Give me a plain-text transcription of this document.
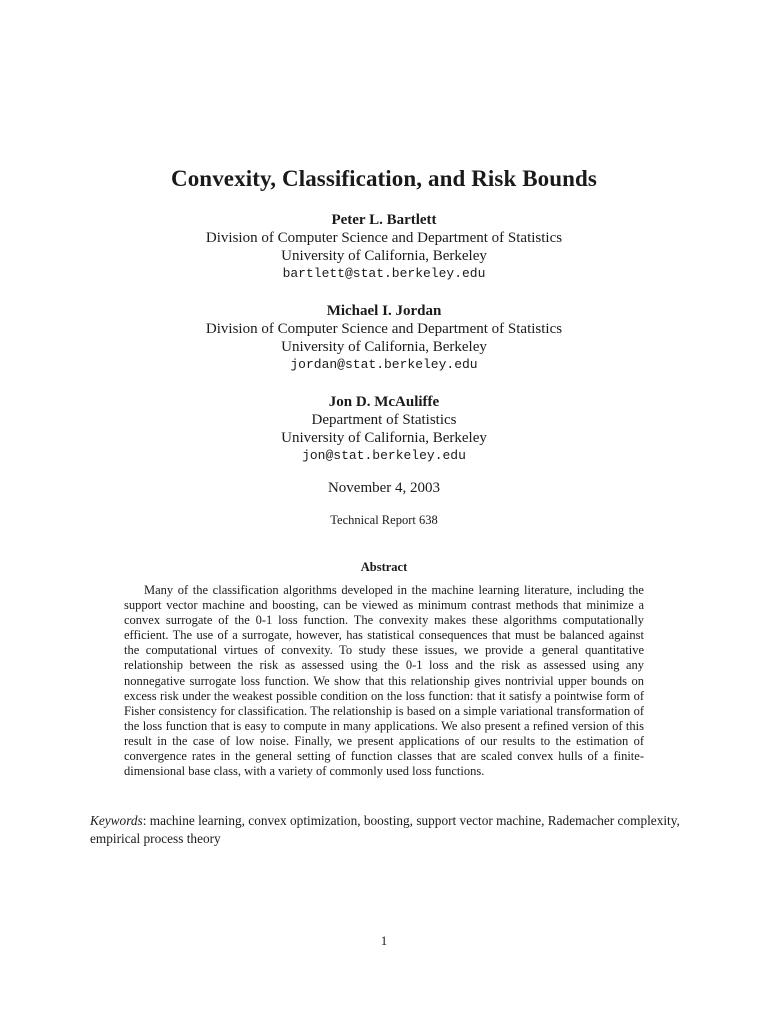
Convexity, Classification, and Risk Bounds
Peter L. Bartlett
Division of Computer Science and Department of Statistics
University of California, Berkeley
bartlett@stat.berkeley.edu
Michael I. Jordan
Division of Computer Science and Department of Statistics
University of California, Berkeley
jordan@stat.berkeley.edu
Jon D. McAuliffe
Department of Statistics
University of California, Berkeley
jon@stat.berkeley.edu
November 4, 2003
Technical Report 638
Abstract
Many of the classification algorithms developed in the machine learning literature, including the support vector machine and boosting, can be viewed as minimum contrast methods that minimize a convex surrogate of the 0-1 loss function. The convexity makes these algorithms computationally efficient. The use of a surrogate, however, has statistical consequences that must be balanced against the computational virtues of convexity. To study these issues, we provide a general quantitative relationship between the risk as assessed using the 0-1 loss and the risk as assessed using any nonnegative surrogate loss function. We show that this relationship gives nontrivial upper bounds on excess risk under the weakest possible condition on the loss function: that it satisfy a pointwise form of Fisher consistency for classification. The relationship is based on a simple variational transformation of the loss function that is easy to compute in many applications. We also present a refined version of this result in the case of low noise. Finally, we present applications of our results to the estimation of convergence rates in the general setting of function classes that are scaled convex hulls of a finite-dimensional base class, with a variety of commonly used loss functions.
Keywords: machine learning, convex optimization, boosting, support vector machine, Rademacher complexity, empirical process theory
1
